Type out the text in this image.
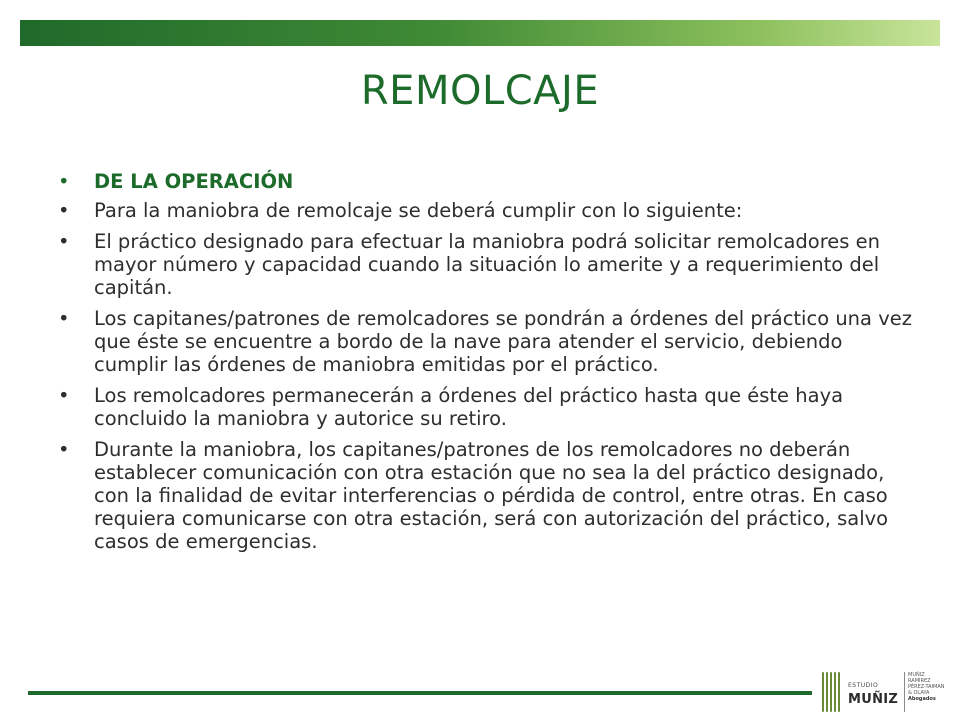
REMOLCAJE
• DE LA OPERACIÓN
• Para la maniobra de remolcaje se deberá cumplir con lo siguiente:
• El práctico designado para efectuar la maniobra podrá solicitar remolcadores en mayor número y capacidad cuando la situación lo amerite y a requerimiento del capitán.
• Los capitanes/patrones de remolcadores se pondrán a órdenes del práctico una vez que éste se encuentre a bordo de la nave para atender el servicio, debiendo cumplir las órdenes de maniobra emitidas por el práctico.
• Los remolcadores permanecerán a órdenes del práctico hasta que éste haya concluido la maniobra y autorice su retiro.
• Durante la maniobra, los capitanes/patrones de los remolcadores no deberán establecer comunicación con otra estación que no sea la del práctico designado, con la finalidad de evitar interferencias o pérdida de control, entre otras. En caso requiera comunicarse con otra estación, será con autorización del práctico, salvo casos de emergencias.
ESTUDIO
MUÑIZ
MUÑIZ
RAMÍREZ
PÉREZ-TAIMAN
& OLAYA
Abogados
